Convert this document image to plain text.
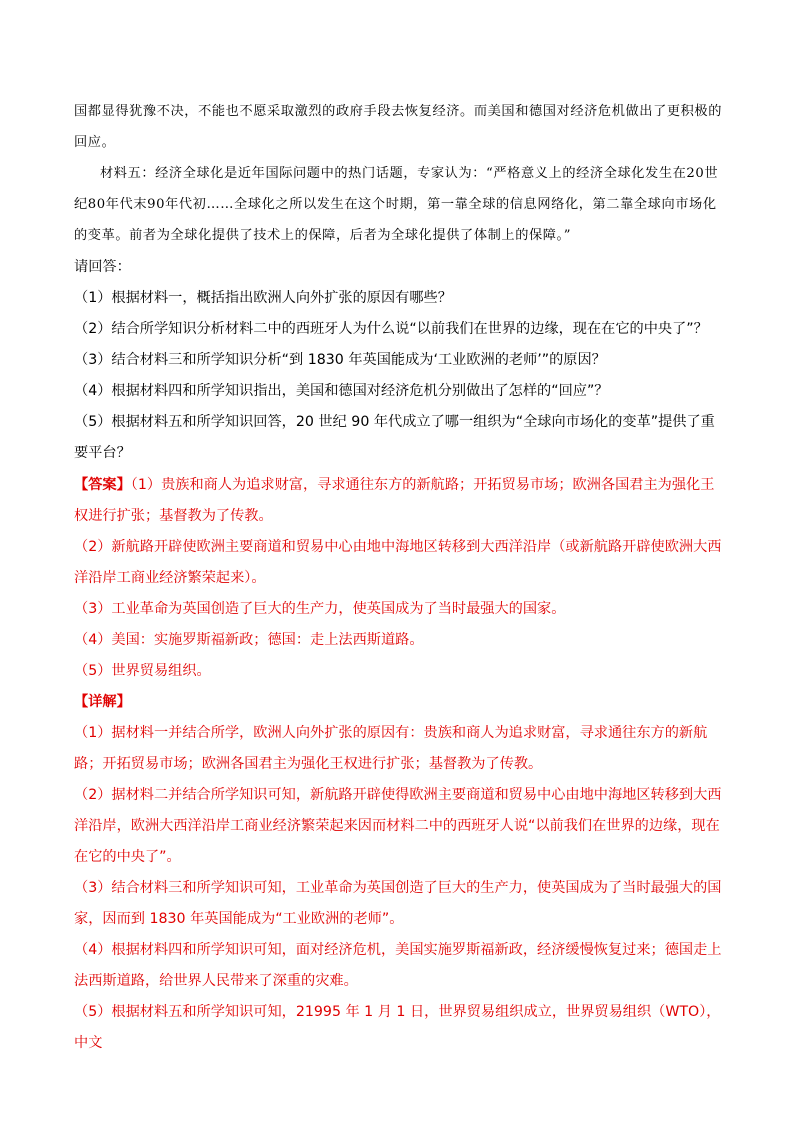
国都显得犹豫不决，不能也不愿采取激烈的政府手段去恢复经济。而美国和德国对经济危机做出了更积极的回应。

材料五：经济全球化是近年国际问题中的热门话题，专家认为：“严格意义上的经济全球化发生在20世纪80年代末90年代初……全球化之所以发生在这个时期，第一靠全球的信息网络化，第二靠全球向市场化的变革。前者为全球化提供了技术上的保障，后者为全球化提供了体制上的保障。”

请回答：

（1）根据材料一，概括指出欧洲人向外扩张的原因有哪些？

（2）结合所学知识分析材料二中的西班牙人为什么说“以前我们在世界的边缘，现在在它的中央了”？

（3）结合材料三和所学知识分析“到 1830 年英国能成为‘工业欧洲的老师’”的原因？

（4）根据材料四和所学知识指出，美国和德国对经济危机分别做出了怎样的“回应”？

（5）根据材料五和所学知识回答，20 世纪 90 年代成立了哪一组织为“全球向市场化的变革”提供了重要平台？

【答案】（1）贵族和商人为追求财富，寻求通往东方的新航路；开拓贸易市场；欧洲各国君主为强化王权进行扩张；基督教为了传教。

（2）新航路开辟使欧洲主要商道和贸易中心由地中海地区转移到大西洋沿岸（或新航路开辟使欧洲大西洋沿岸工商业经济繁荣起来）。

（3）工业革命为英国创造了巨大的生产力，使英国成为了当时最强大的国家。

（4）美国：实施罗斯福新政；德国：走上法西斯道路。

（5）世界贸易组织。

【详解】

（1）据材料一并结合所学，欧洲人向外扩张的原因有：贵族和商人为追求财富，寻求通往东方的新航路；开拓贸易市场；欧洲各国君主为强化王权进行扩张；基督教为了传教。

（2）据材料二并结合所学知识可知，新航路开辟使得欧洲主要商道和贸易中心由地中海地区转移到大西洋沿岸，欧洲大西洋沿岸工商业经济繁荣起来因而材料二中的西班牙人说“以前我们在世界的边缘，现在在它的中央了”。

（3）结合材料三和所学知识可知，工业革命为英国创造了巨大的生产力，使英国成为了当时最强大的国家，因而到 1830 年英国能成为“工业欧洲的老师”。

（4）根据材料四和所学知识可知，面对经济危机，美国实施罗斯福新政，经济缓慢恢复过来；德国走上法西斯道路，给世界人民带来了深重的灾难。

（5）根据材料五和所学知识可知，21995 年 1 月 1 日，世界贸易组织成立，世界贸易组织（WTO），中文
